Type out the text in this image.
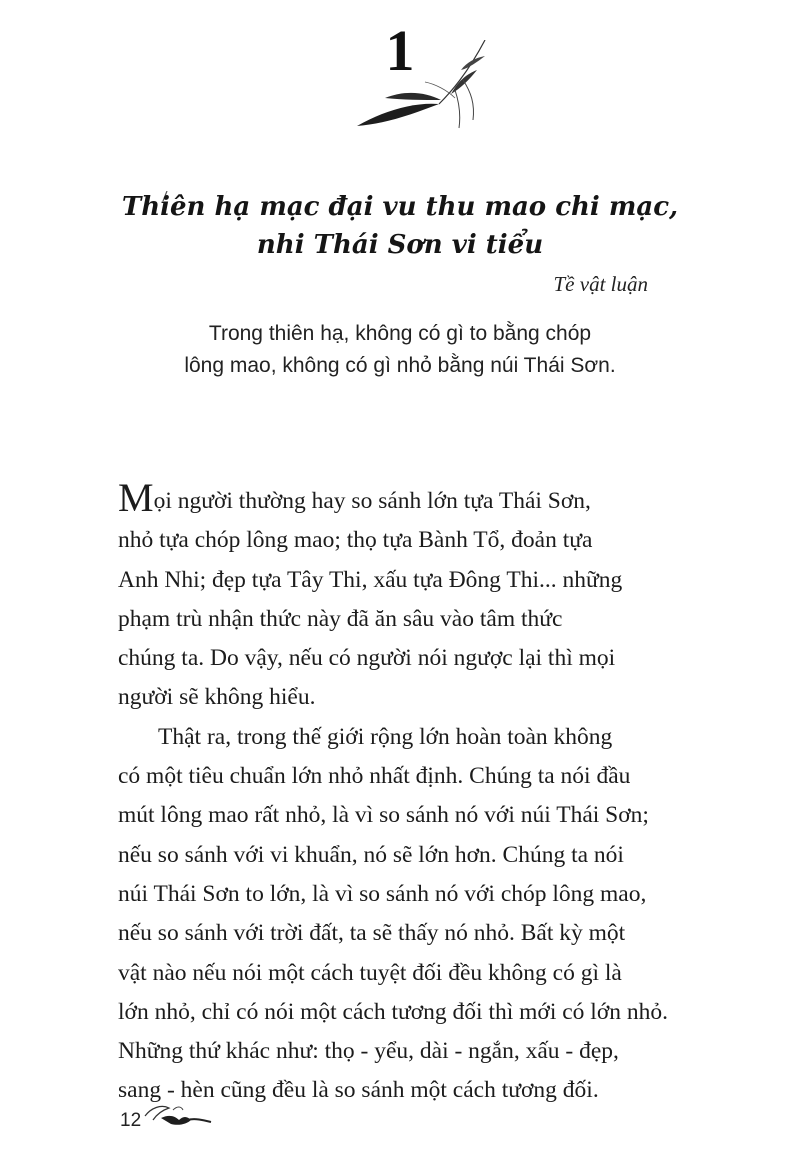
1
Thiên hạ mạc đại vu thu mao chi mạc,
nhi Thái Sơn vi tiểu
Tề vật luận
Trong thiên hạ, không có gì to bằng chóp
lông mao, không có gì nhỏ bằng núi Thái Sơn.

Mọi người thường hay so sánh lớn tựa Thái Sơn,
nhỏ tựa chóp lông mao; thọ tựa Bành Tổ, đoản tựa
Anh Nhi; đẹp tựa Tây Thi, xấu tựa Đông Thi... những
phạm trù nhận thức này đã ăn sâu vào tâm thức
chúng ta. Do vậy, nếu có người nói ngược lại thì mọi
người sẽ không hiểu.

Thật ra, trong thế giới rộng lớn hoàn toàn không
có một tiêu chuẩn lớn nhỏ nhất định. Chúng ta nói đầu
mút lông mao rất nhỏ, là vì so sánh nó với núi Thái Sơn;
nếu so sánh với vi khuẩn, nó sẽ lớn hơn. Chúng ta nói
núi Thái Sơn to lớn, là vì so sánh nó với chóp lông mao,
nếu so sánh với trời đất, ta sẽ thấy nó nhỏ. Bất kỳ một
vật nào nếu nói một cách tuyệt đối đều không có gì là
lớn nhỏ, chỉ có nói một cách tương đối thì mới có lớn nhỏ.
Những thứ khác như: thọ - yểu, dài - ngắn, xấu - đẹp,
sang - hèn cũng đều là so sánh một cách tương đối.

12
